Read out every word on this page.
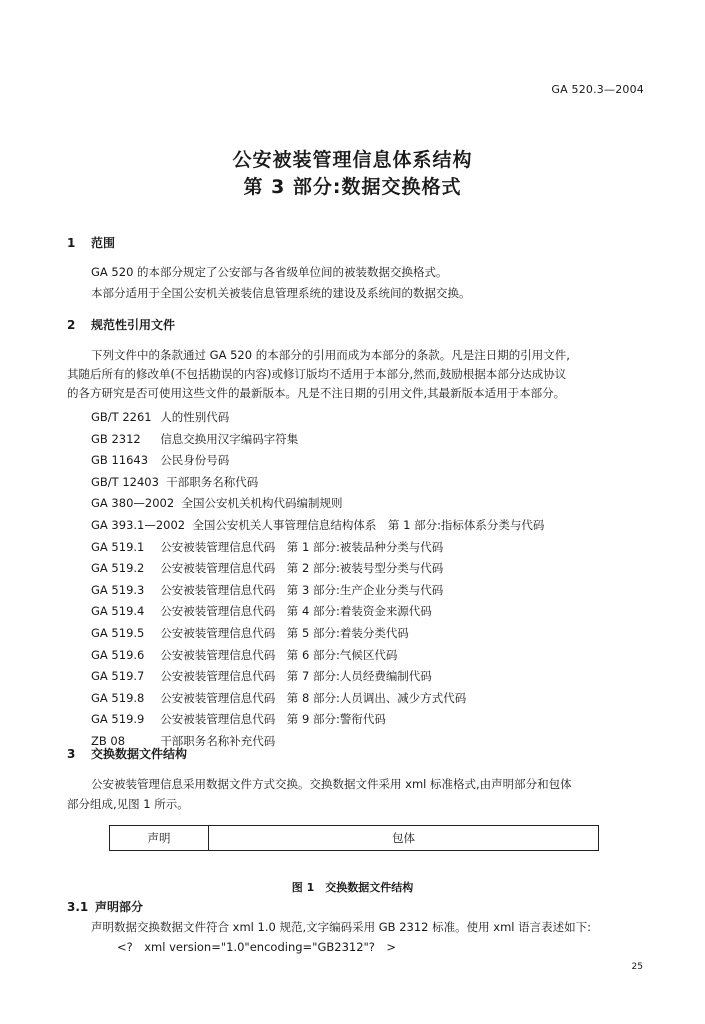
GA 520.3—2004
公安被装管理信息体系结构
第 3 部分:数据交换格式
1 范围
GA 520 的本部分规定了公安部与各省级单位间的被装数据交换格式。
本部分适用于全国公安机关被装信息管理系统的建设及系统间的数据交换。
2 规范性引用文件
下列文件中的条款通过 GA 520 的本部分的引用而成为本部分的条款。凡是注日期的引用文件,
其随后所有的修改单(不包括勘误的内容)或修订版均不适用于本部分,然而,鼓励根据本部分达成协议
的各方研究是否可使用这些文件的最新版本。凡是不注日期的引用文件,其最新版本适用于本部分。
GB/T 2261 人的性别代码
GB 2312 信息交换用汉字编码字符集
GB 11643 公民身份号码
GB/T 12403 干部职务名称代码
GA 380—2002 全国公安机关机构代码编制规则
GA 393.1—2002 全国公安机关人事管理信息结构体系　第 1 部分:指标体系分类与代码
GA 519.1 公安被装管理信息代码　第 1 部分:被装品种分类与代码
GA 519.2 公安被装管理信息代码　第 2 部分:被装号型分类与代码
GA 519.3 公安被装管理信息代码　第 3 部分:生产企业分类与代码
GA 519.4 公安被装管理信息代码　第 4 部分:着装资金来源代码
GA 519.5 公安被装管理信息代码　第 5 部分:着装分类代码
GA 519.6 公安被装管理信息代码　第 6 部分:气候区代码
GA 519.7 公安被装管理信息代码　第 7 部分:人员经费编制代码
GA 519.8 公安被装管理信息代码　第 8 部分:人员调出、减少方式代码
GA 519.9 公安被装管理信息代码　第 9 部分:警衔代码
ZB 08	干部职务名称补充代码
3 交换数据文件结构
公安被装管理信息采用数据文件方式交换。交换数据文件采用 xml 标准格式,由声明部分和包体
部分组成,见图 1 所示。
声明	包体
图 1　交换数据文件结构
3.1 声明部分
声明数据交换数据文件符合 xml 1.0 规范,文字编码采用 GB 2312 标准。使用 xml 语言表述如下:
<?　xml version="1.0"encoding="GB2312"?　>
25
